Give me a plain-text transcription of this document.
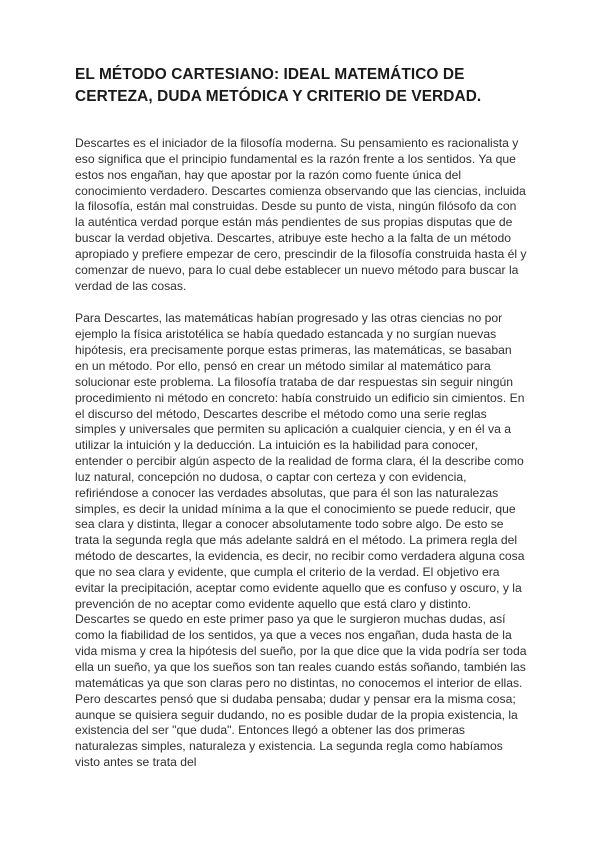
EL MÉTODO CARTESIANO: IDEAL MATEMÁTICO DE CERTEZA, DUDA METÓDICA Y CRITERIO DE VERDAD.

Descartes es el iniciador de la filosofía moderna. Su pensamiento es racionalista y eso significa que el principio fundamental es la razón frente a los sentidos. Ya que estos nos engañan, hay que apostar por la razón como fuente única del conocimiento verdadero. Descartes comienza observando que las ciencias, incluida la filosofía, están mal construidas. Desde su punto de vista, ningún filósofo da con la auténtica verdad porque están más pendientes de sus propias disputas que de buscar la verdad objetiva. Descartes, atribuye este hecho a la falta de un método apropiado y prefiere empezar de cero, prescindir de la filosofía construida hasta él y comenzar de nuevo, para lo cual debe establecer un nuevo método para buscar la verdad de las cosas.

Para Descartes, las matemáticas habían progresado y las otras ciencias no por ejemplo la física aristotélica se había quedado estancada y no surgían nuevas hipótesis, era precisamente porque estas primeras, las matemáticas, se basaban en un método. Por ello, pensó en crear un método similar al matemático para solucionar este problema. La filosofía trataba de dar respuestas sin seguir ningún procedimiento ni método en concreto: había construido un edificio sin cimientos. En el discurso del método, Descartes describe el método como una serie reglas simples y universales que permiten su aplicación a cualquier ciencia, y en él va a utilizar la intuición y la deducción. La intuición es la habilidad para conocer, entender o percibir algún aspecto de la realidad de forma clara, él la describe como luz natural, concepción no dudosa, o captar con certeza y con evidencia, refiriéndose a conocer las verdades absolutas, que para él son las naturalezas simples, es decir la unidad mínima a la que el conocimiento se puede reducir, que sea clara y distinta, llegar a conocer absolutamente todo sobre algo. De esto se trata la segunda regla que más adelante saldrá en el método. La primera regla del método de descartes, la evidencia, es decir, no recibir como verdadera alguna cosa que no sea clara y evidente, que cumpla el criterio de la verdad. El objetivo era evitar la precipitación, aceptar como evidente aquello que es confuso y oscuro, y la prevención de no aceptar como evidente aquello que está claro y distinto. Descartes se quedo en este primer paso ya que le surgieron muchas dudas, así como la fiabilidad de los sentidos, ya que a veces nos engañan, duda hasta de la vida misma y crea la hipótesis del sueño, por la que dice que la vida podría ser toda ella un sueño, ya que los sueños son tan reales cuando estás soñando, también las matemáticas ya que son claras pero no distintas, no conocemos el interior de ellas. Pero descartes pensó que si dudaba pensaba; dudar y pensar era la misma cosa; aunque se quisiera seguir dudando, no es posible dudar de la propia existencia, la existencia del ser "que duda". Entonces llegó a obtener las dos primeras naturalezas simples, naturaleza y existencia. La segunda regla como habíamos visto antes se trata del
